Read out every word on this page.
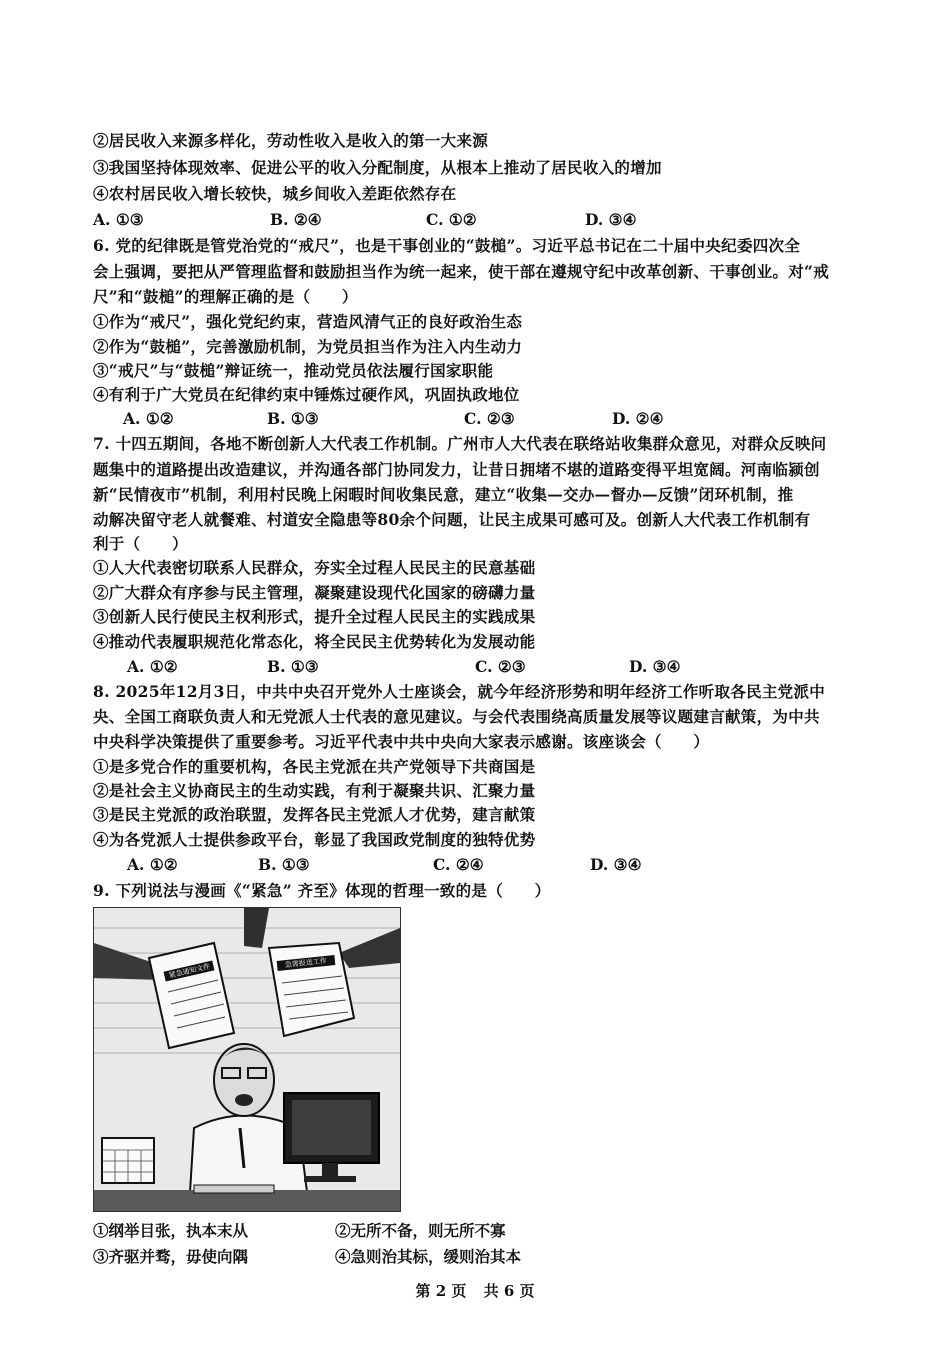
②居民收入来源多样化，劳动性收入是收入的第一大来源
③我国坚持体现效率、促进公平的收入分配制度，从根本上推动了居民收入的增加
④农村居民收入增长较快，城乡间收入差距依然存在
A. ①③	B. ②④	C. ①②	D. ③④
6. 党的纪律既是管党治党的“戒尺”，也是干事创业的“鼓槌”。习近平总书记在二十届中央纪委四次全
会上强调，要把从严管理监督和鼓励担当作为统一起来，使干部在遵规守纪中改革创新、干事创业。对“戒
尺”和“鼓槌”的理解正确的是（　　）
①作为“戒尺”，强化党纪约束，营造风清气正的良好政治生态
②作为“鼓槌”，完善激励机制，为党员担当作为注入内生动力
③“戒尺”与“鼓槌”辩证统一，推动党员依法履行国家职能
④有利于广大党员在纪律约束中锤炼过硬作风，巩固执政地位
A. ①②	B. ①③	C. ②③	D. ②④
7. 十四五期间，各地不断创新人大代表工作机制。广州市人大代表在联络站收集群众意见，对群众反映问
题集中的道路提出改造建议，并沟通各部门协同发力，让昔日拥堵不堪的道路变得平坦宽阔。河南临颍创
新“民情夜市”机制，利用村民晚上闲暇时间收集民意，建立“收集—交办—督办—反馈”闭环机制，推
动解决留守老人就餐难、村道安全隐患等80余个问题，让民主成果可感可及。创新人大代表工作机制有
利于（　　）
①人大代表密切联系人民群众，夯实全过程人民民主的民意基础
②广大群众有序参与民主管理，凝聚建设现代化国家的磅礴力量
③创新人民行使民主权利形式，提升全过程人民民主的实践成果
④推动代表履职规范化常态化，将全民民主优势转化为发展动能
A. ①②	B. ①③	C. ②③	D. ③④
8. 2025年12月3日，中共中央召开党外人士座谈会，就今年经济形势和明年经济工作听取各民主党派中
央、全国工商联负责人和无党派人士代表的意见建议。与会代表围绕高质量发展等议题建言献策，为中共
中央科学决策提供了重要参考。习近平代表中共中央向大家表示感谢。该座谈会（　　）
①是多党合作的重要机构，各民主党派在共产党领导下共商国是
②是社会主义协商民主的生动实践，有利于凝聚共识、汇聚力量
③是民主党派的政治联盟，发挥各民主党派人才优势，建言献策
④为各党派人士提供参政平台，彰显了我国政党制度的独特优势
A. ①②	B. ①③	C. ②④	D. ③④
9. 下列说法与漫画《“紧急” 齐至》体现的哲理一致的是（　　）
紧急通知文件	急需报送工作
①纲举目张，执本末从	②无所不备，则无所不寡
③齐驱并骛，毋使向隅	④急则治其标，缓则治其本
第 2 页 共 6 页
